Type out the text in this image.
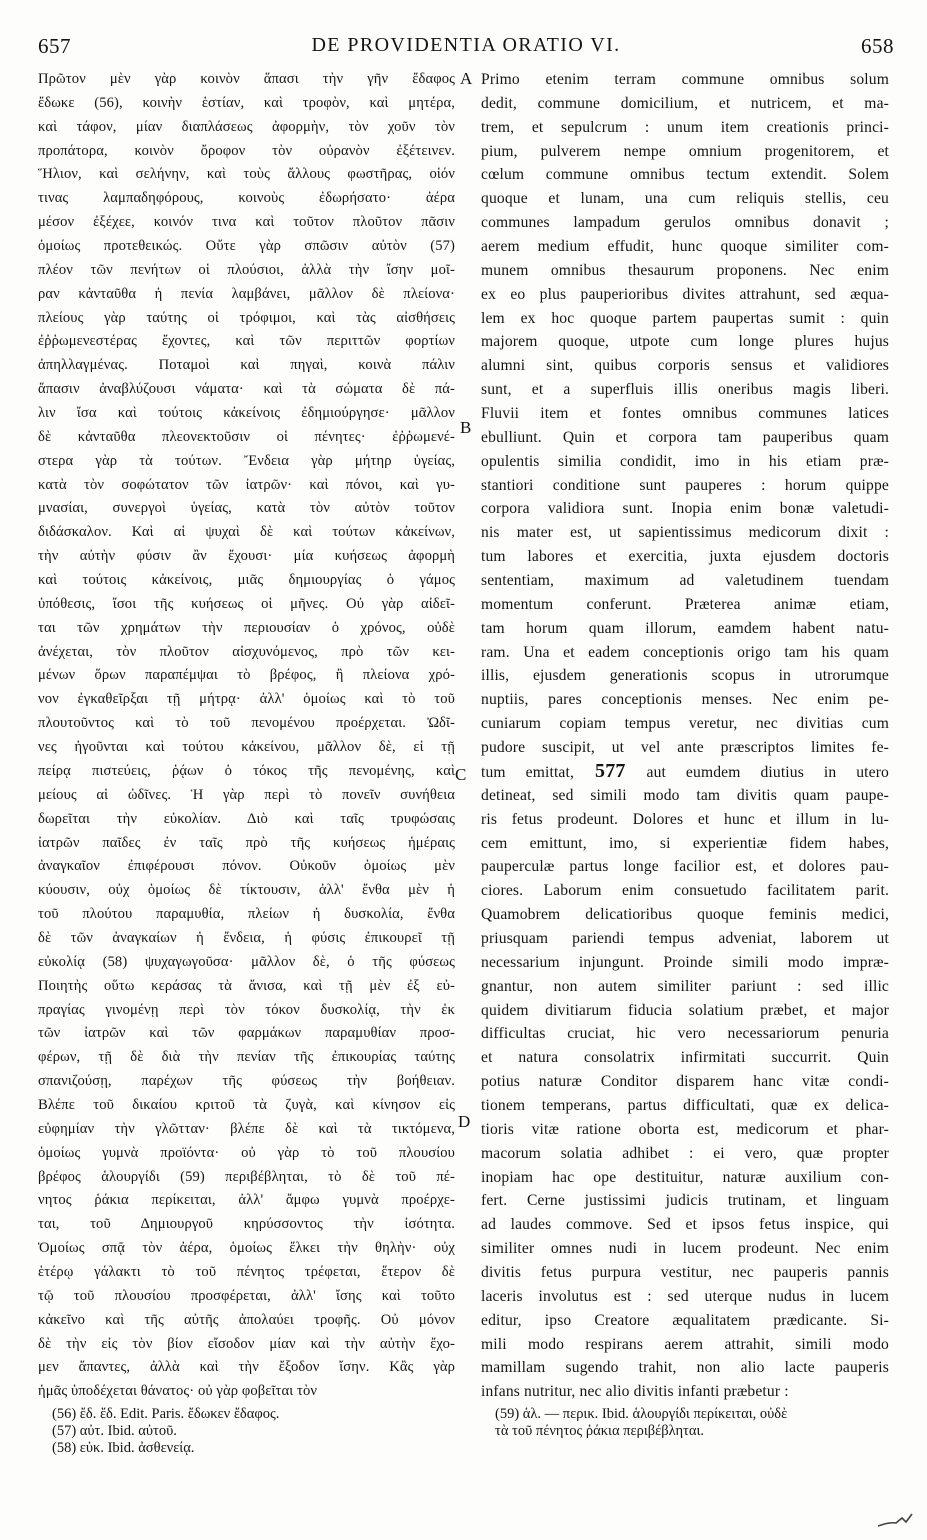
657	DE PROVIDENTIA ORATIO VI.	658

Πρῶτον μὲν γὰρ κοινὸν ἅπασι τὴν γῆν ἔδαφος

ἔδωκε (56), κοινὴν ἑστίαν, καὶ τροφὸν, καὶ μητέρα,

καὶ τάφον, μίαν διαπλάσεως ἀφορμὴν, τὸν χοῦν τὸν

προπάτορα, κοινὸν ὄροφον τὸν οὐρανὸν ἐξέτεινεν.

Ἥλιον, καὶ σελήνην, καὶ τοὺς ἄλλους φωστῆρας, οἱόν

τινας λαμπαδηφόρους, κοινοὺς ἐδωρήσατο· ἀέρα

μέσον ἐξέχεε, κοινόν τινα καὶ τοῦτον πλοῦτον πᾶσιν

ὁμοίως προτεθεικώς. Οὔτε γὰρ σπῶσιν αὐτὸν (57)

πλέον τῶν πενήτων οἱ πλούσιοι, ἀλλὰ τὴν ἴσην μοῖ-

ραν κἀνταῦθα ἡ πενία λαμβάνει, μᾶλλον δὲ πλείονα·

πλείους γὰρ ταύτης οἱ τρόφιμοι, καὶ τὰς αἰσθήσεις

ἐῤῥωμενεστέρας ἔχοντες, καὶ τῶν περιττῶν φορτίων

ἀπηλλαγμένας. Ποταμοὶ καὶ πηγαὶ, κοινὰ πάλιν

ἅπασιν ἀναβλύζουσι νάματα· καὶ τὰ σώματα δὲ πά-

λιν ἴσα καὶ τούτοις κἀκείνοις ἐδημιούργησε· μᾶλλον

δὲ κἀνταῦθα πλεονεκτοῦσιν οἱ πένητες· ἐῤῥωμενέ-

στερα γὰρ τὰ τούτων. Ἔνδεια γὰρ μήτηρ ὑγείας,

κατὰ τὸν σοφώτατον τῶν ἰατρῶν· καὶ πόνοι, καὶ γυ-

μνασίαι, συνεργοὶ ὑγείας, κατὰ τὸν αὐτὸν τοῦτον

διδάσκαλον. Καὶ αἱ ψυχαὶ δὲ καὶ τούτων κἀκείνων,

τὴν αὐτὴν φύσιν ἂν ἔχουσι· μία κυήσεως ἀφορμὴ

καὶ τούτοις κἀκείνοις, μιᾶς δημιουργίας ὁ γάμος

ὑπόθεσις, ἴσοι τῆς κυήσεως οἱ μῆνες. Οὐ γὰρ αἰδεῖ-

ται τῶν χρημάτων τὴν περιουσίαν ὁ χρόνος, οὐδὲ

ἀνέχεται, τὸν πλοῦτον αἰσχυνόμενος, πρὸ τῶν κει-

μένων ὅρων παραπέμψαι τὸ βρέφος, ἢ πλείονα χρό-

νον ἐγκαθεῖρξαι τῇ μήτρᾳ· ἀλλ' ὁμοίως καὶ τὸ τοῦ

πλουτοῦντος καὶ τὸ τοῦ πενομένου προέρχεται. Ὠδῖ-

νες ἡγοῦνται καὶ τούτου κἀκείνου, μᾶλλον δὲ, εἰ τῇ

πείρᾳ πιστεύεις, ῥᾴων ὁ τόκος τῆς πενομένης, καὶ

μείους αἱ ὠδῖνες. Ἡ γὰρ περὶ τὸ πονεῖν συνήθεια

δωρεῖται τὴν εὐκολίαν. Διὸ καὶ ταῖς τρυφώσαις

ἰατρῶν παῖδες ἐν ταῖς πρὸ τῆς κυήσεως ἡμέραις

ἀναγκαῖον ἐπιφέρουσι πόνον. Οὐκοῦν ὁμοίως μὲν

κύουσιν, οὐχ ὁμοίως δὲ τίκτουσιν, ἀλλ' ἔνθα μὲν ἡ

τοῦ πλούτου παραμυθία, πλείων ἡ δυσκολία, ἔνθα

δὲ τῶν ἀναγκαίων ἡ ἔνδεια, ἡ φύσις ἐπικουρεῖ τῇ

εὐκολίᾳ (58) ψυχαγωγοῦσα· μᾶλλον δὲ, ὁ τῆς φύσεως

Ποιητὴς οὕτω κεράσας τὰ ἄνισα, καὶ τῇ μὲν ἐξ εὐ-

πραγίας γινομένῃ περὶ τὸν τόκον δυσκολίᾳ, τὴν ἐκ

τῶν ἰατρῶν καὶ τῶν φαρμάκων παραμυθίαν προσ-

φέρων, τῇ δὲ διὰ τὴν πενίαν τῆς ἐπικουρίας ταύτης

σπανιζούσῃ, παρέχων τῆς φύσεως τὴν βοήθειαν.

Βλέπε τοῦ δικαίου κριτοῦ τὰ ζυγὰ, καὶ κίνησον εἰς

εὐφημίαν τὴν γλῶτταν· βλέπε δὲ καὶ τὰ τικτόμενα,

ὁμοίως γυμνὰ προϊόντα· οὐ γὰρ τὸ τοῦ πλουσίου

βρέφος ἁλουργίδι (59) περιβέβληται, τὸ δὲ τοῦ πέ-

νητος ῥάκια περίκειται, ἀλλ' ἄμφω γυμνὰ προέρχε-

ται, τοῦ Δημιουργοῦ κηρύσσοντος τὴν ἰσότητα.

Ὁμοίως σπᾷ τὸν ἀέρα, ὁμοίως ἕλκει τὴν θηλὴν· οὐχ

ἑτέρῳ γάλακτι τὸ τοῦ πένητος τρέφεται, ἕτερον δὲ

τῷ τοῦ πλουσίου προσφέρεται, ἀλλ' ἴσης καὶ τοῦτο

κἀκεῖνο καὶ τῆς αὐτῆς ἀπολαύει τροφῆς. Οὐ μόνον

δὲ τὴν εἰς τὸν βίον εἴσοδον μίαν καὶ τὴν αὐτὴν ἔχο-

μεν ἅπαντες, ἀλλὰ καὶ τὴν ἔξοδον ἴσην. Κἂς γὰρ

ἡμᾶς ὑποδέχεται θάνατος· οὐ γὰρ φοβεῖται τὸν

Primo etenim terram commune omnibus solum

dedit, commune domicilium, et nutricem, et ma-

trem, et sepulcrum : unum item creationis princi-

pium, pulverem nempe omnium progenitorem, et

cœlum commune omnibus tectum extendit. Solem

quoque et lunam, una cum reliquis stellis, ceu

communes lampadum gerulos omnibus donavit ;

aerem medium effudit, hunc quoque similiter com-

munem omnibus thesaurum proponens. Nec enim

ex eo plus pauperioribus divites attrahunt, sed æqua-

lem ex hoc quoque partem paupertas sumit : quin

majorem quoque, utpote cum longe plures hujus

alumni sint, quibus corporis sensus et validiores

sunt, et a superfluis illis oneribus magis liberi.

Fluvii item et fontes omnibus communes latices

ebulliunt. Quin et corpora tam pauperibus quam

opulentis similia condidit, imo in his etiam præ-

stantiori conditione sunt pauperes : horum quippe

corpora validiora sunt. Inopia enim bonæ valetudi-

nis mater est, ut sapientissimus medicorum dixit :

tum labores et exercitia, juxta ejusdem doctoris

sententiam, maximum ad valetudinem tuendam

momentum conferunt. Præterea animæ etiam,

tam horum quam illorum, eamdem habent natu-

ram. Una et eadem conceptionis origo tam his quam

illis, ejusdem generationis scopus in utrorumque

nuptiis, pares conceptionis menses. Nec enim pe-

cuniarum copiam tempus veretur, nec divitias cum

pudore suscipit, ut vel ante præscriptos limites fe-

tum emittat, 577 aut eumdem diutius in utero

detineat, sed simili modo tam divitis quam paupe-

ris fetus prodeunt. Dolores et hunc et illum in lu-

cem emittunt, imo, si experientiæ fidem habes,

pauperculæ partus longe facilior est, et dolores pau-

ciores. Laborum enim consuetudo facilitatem parit.

Quamobrem delicatioribus quoque feminis medici,

priusquam pariendi tempus adveniat, laborem ut

necessarium injungunt. Proinde simili modo impræ-

gnantur, non autem similiter pariunt : sed illic

quidem divitiarum fiducia solatium præbet, et major

difficultas cruciat, hic vero necessariorum penuria

et natura consolatrix infirmitati succurrit. Quin

potius naturæ Conditor disparem hanc vitæ condi-

tionem temperans, partus difficultati, quæ ex delica-

tioris vitæ ratione oborta est, medicorum et phar-

macorum solatia adhibet : ei vero, quæ propter

inopiam hac ope destituitur, naturæ auxilium con-

fert. Cerne justissimi judicis trutinam, et linguam

ad laudes commove. Sed et ipsos fetus inspice, qui

similiter omnes nudi in lucem prodeunt. Nec enim

divitis fetus purpura vestitur, nec pauperis pannis

laceris involutus est : sed uterque nudus in lucem

editur, ipso Creatore æqualitatem prædicante. Si-

mili modo respirans aerem attrahit, simili modo

mamillam sugendo trahit, non alio lacte pauperis

infans nutritur, nec alio divitis infanti præbetur :

A
B
C
D

(56) ἔδ. ἔδ. Edit. Paris. ἔδωκεν ἔδαφος.

(57) αὐτ. Ibid. αὐτοῦ.

(58) εὐκ. Ibid. ἀσθενείᾳ.

(59) ἁλ. — περικ. Ibid. ἁλουργίδι περίκειται, οὐδὲ

τὰ τοῦ πένητος ῥάκια περιβέβληται.
